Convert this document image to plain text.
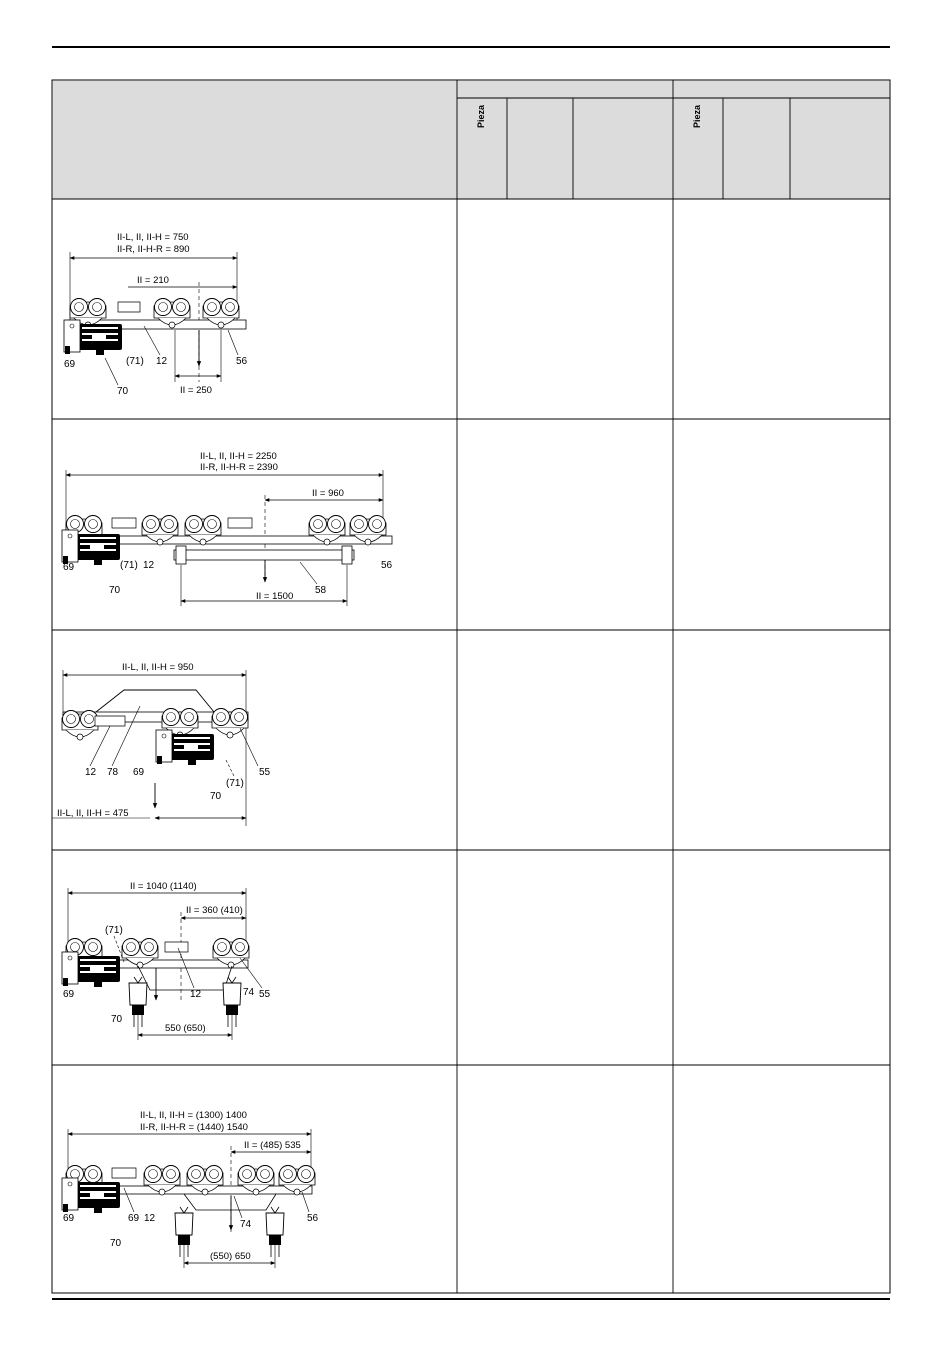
Pieza	Pieza
II-L, II, II-H = 750
II-R, II-H-R = 890
II = 210
II = 250
69
70
(71) 12	56
II-L, II, II-H = 2250
II-R, II-H-R = 2390
II = 960
II = 1500
69
70
(71) 12
58
56
II-L, II, II-H = 950
II-L, II, II-H = 475
12 78 69
70
(71)
55
II = 1040 (1140)
II = 360 (410)
550 (650)
(71)
69
70
12	74 55
II-L, II, II-H = (1300) 1400
II-R, II-H-R = (1440) 1540
II = (485) 535
(550) 650
69
70
69 12
74
56
